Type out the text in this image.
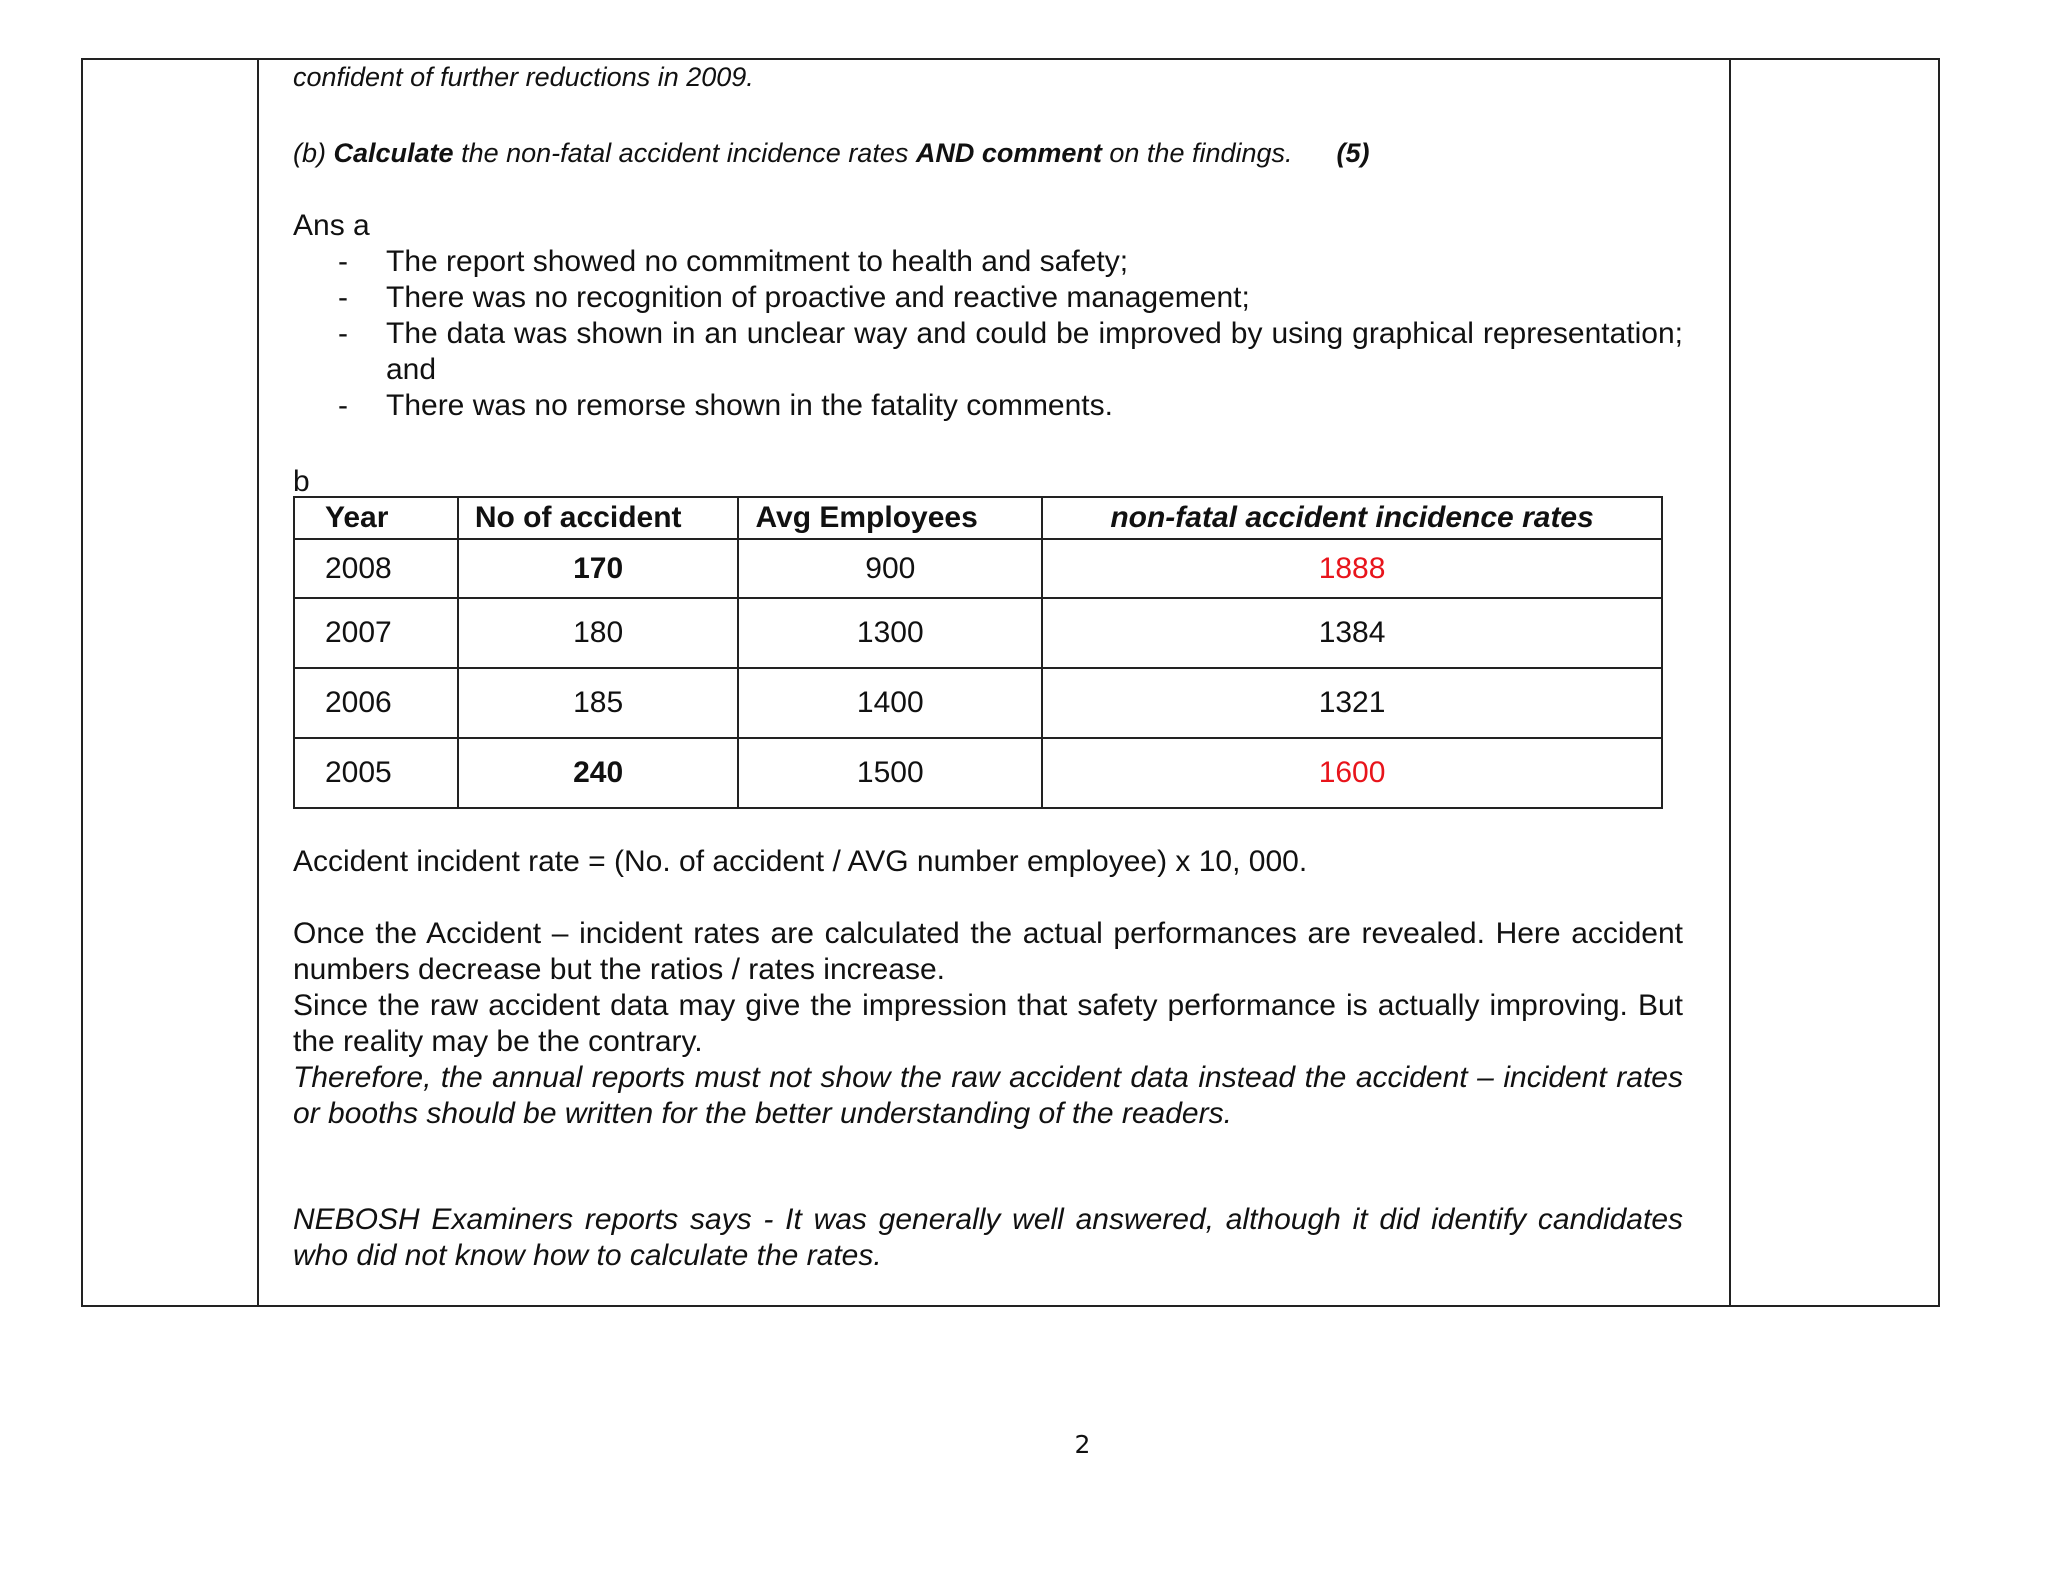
confident of further reductions in 2009.
(b) Calculate the non-fatal accident incidence rates AND comment on the findings. (5)
Ans a
- The report showed no commitment to health and safety;
- There was no recognition of proactive and reactive management;
- The data was shown in an unclear way and could be improved by using graphical representation; and
- There was no remorse shown in the fatality comments.
b
Year	No of accident	Avg Employees	non-fatal accident incidence rates
2008	170	900	1888
2007	180	1300	1384
2006	185	1400	1321
2005	240	1500	1600
Accident incident rate = (No. of accident / AVG number employee) x 10, 000.
Once the Accident – incident rates are calculated the actual performances are revealed. Here accident numbers decrease but the ratios / rates increase.
Since the raw accident data may give the impression that safety performance is actually improving. But the reality may be the contrary.
Therefore, the annual reports must not show the raw accident data instead the accident – incident rates or booths should be written for the better understanding of the readers.
NEBOSH Examiners reports says - It was generally well answered, although it did identify candidates who did not know how to calculate the rates.
2
